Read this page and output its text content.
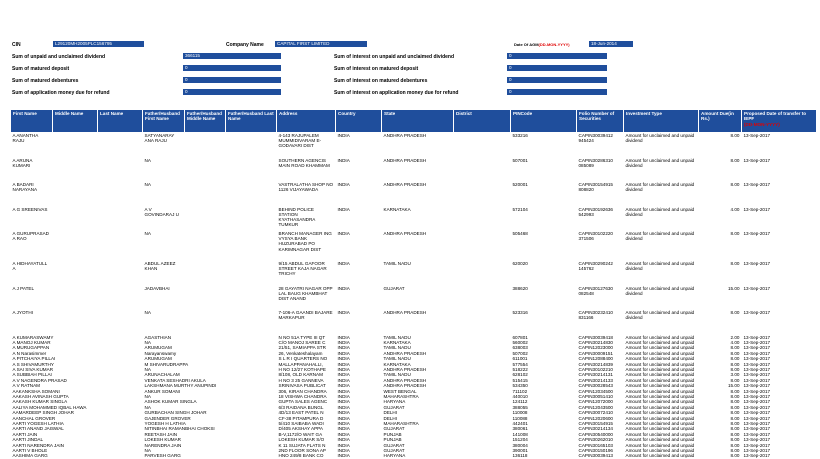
CIN	L29120MH2005PLC156795	Company Name	CAPITAL FIRST LIMITED	Date Of AGM(DD-MON-YYYY)	18-Jun-2014
Sum of unpaid and unclaimed dividend	366115	Sum of interest on unpaid and unclaimed dividend	0
Sum of matured deposit	0	Sum of interest on matured deposit	0
Sum of matured debentures	0	Sum of interest on matured debentures	0
Sum of application money due for refund	0	Sum of interest on application money due for refund	0
First Name	Middle Name	Last Name	Father/Husband First Name	Father/Husband Middle Name	Father/Husband Last Name	Address	Country	State	District	PINCode	Folio Number of Securities	Investment Type	Amount Due(in Rs.)	Proposed Date of transfer to IEPF
(DD-MON-YYYY)
A ANANTHA RAJU			SATYANARAY ANA RAJU			4-143 RAJUPALEM MUMMIDIVARAM E-GODAVARI DIST	INDIA	ANDHRA PRADESH		533216	CAPIN30039412 945424	Amount for unclaimed and unpaid dividend	8.00	13-Sep-2017
A ARUNA KUMARI			NA			SOUTHERN AGENCIS MAIN ROAD KHAMMAM	INDIA	ANDHRA PRADESH		507001	CAPIN30286310 085089	Amount for unclaimed and unpaid dividend	8.00	13-Sep-2017
A BADARI NARAYANA			NA			VASTRALATHA SHOP NO 1126 VIJAYAWADA	INDIA	ANDHRA PRADESH		520001	CAPIN30154915 808820	Amount for unclaimed and unpaid dividend	8.00	13-Sep-2017
A G SREENIVAS			A V GOVINDARAJ U			BEHIND POLICE STATION KYATHASANDRA TUMKUR	INDIA	KARNATAKA		572104	CAPIN30192636 542993	Amount for unclaimed and unpaid dividend	4.00	13-Sep-2017
A GURUPRASAD A RAO			NA			BRANCH MANAGER ING VYSYA BANK HUZURABAD PO KARIMNAGAR DIST	INDIA	ANDHRA PRADESH		505468	CAPIN30102220 371506	Amount for unclaimed and unpaid dividend	8.00	13-Sep-2017
A HIDHAYATULL A			ABDUL AZEEZ KHAN			9/15 ABDUL GAFOOR STREET KAJA NAGAR TRICHY	INDIA	TAMIL NADU		620020	CAPIN30290242 145762	Amount for unclaimed and unpaid dividend	8.00	13-Sep-2017
A J PATEL			JADAVBHAI			28 GAYATRI NAGAR OPP LAL BAUG KHAMBHAT DIST ANAND	INDIA	GUJARAT		388620	CAPIN30127630 082548	Amount for unclaimed and unpaid dividend	15.00	13-Sep-2017
A JYOTHI			NA			7-106-A GAANDI BAJARE MARKAPUR	INDIA	ANDHRA PRADESH		523316	CAPIN30232410 831166	Amount for unclaimed and unpaid dividend	8.00	13-Sep-2017
A KUMARASWAMY			AGASTHIAN			N NO 51A TYPE III QT	INDIA	TAMIL NADU		607801	CAPIN30039418	Amount for unclaimed and unpaid	2.00	13-Sep-2017
A MANOJ KUMAR			NA			C/O MANOJ SAREE C	INDIA	KARNATAKA		560002	CAPIN30214830	Amount for unclaimed and unpaid	4.00	13-Sep-2017
A MURUGAPPAN			ARUMUGAM			21/51, SAMIAPPA STR	INDIA	TAMIL NADU		638003	CAPIN12023000	Amount for unclaimed and unpaid	8.00	13-Sep-2017
A N Narasimmer			Narayanswamy			26, Venkateshalayam	INDIA	ANDHRA PRADESH		507002	CAPIN30009151	Amount for unclaimed and unpaid	8.00	13-Sep-2017
A PITCHAIYA PILLAI			ARUMUGAM			S L R I QUARTERS NO	INDIA	TAMIL NADU		611001	CAPIN12088400	Amount for unclaimed and unpaid	8.00	13-Sep-2017
A S SHIVAMURTHY			M SHIVARUDRAPPA			MALLAPPANAHALLI,	INDIA	KARNATAKA		577554	CAPIN30214839	Amount for unclaimed and unpaid	8.00	13-Sep-2017
A SAI SIVA KUMAR			NA			H NO 12/27 KOTHAPE	INDIA	ANDHRA PRADESH		518222	CAPIN30102210	Amount for unclaimed and unpaid	8.00	13-Sep-2017
A SUBBIAH PILLAI			ARUNACHALAM			8/108, OLD KARNAM	INDIA	TAMIL NADU		628102	CAPIN30214131	Amount for unclaimed and unpaid	3.00	13-Sep-2017
A V NAGENDRA PRASAD			VENKATA SESHADRI AKULA			H NO 3 25 GANNEVA	INDIA	ANDHRA PRADESH		515415	CAPIN30214133	Amount for unclaimed and unpaid	8.00	13-Sep-2017
A V RATNAM			LAKSHMANA MURTHY ANUPINDI			SRINIVASA PUBLICAT	INDIA	ANDHRA PRADESH		534350	CAPIN30028543	Amount for unclaimed and unpaid	15.00	13-Sep-2017
AAKANKSHA SOMANI			ANKUR SOMANI			306, KIRAN CHANDRA	INDIA	WEST BENGAL		711102	CAPIN12034500	Amount for unclaimed and unpaid	8.00	13-Sep-2017
AAKASH AVINASH GUPTA			NA			18 VISHWA CHANDRA	INDIA	MAHARASHTRA		440010	CAPIN30051410	Amount for unclaimed and unpaid	8.00	13-Sep-2017
AAKASH KUMAR SINGLA			ASHOK KUMAR SINGLA			GUPTA SALES AGENC	INDIA	HARYANA		124112	CAPIN12072000	Amount for unclaimed and unpaid	8.00	13-Sep-2017
AALIYA MOHAMMED IQBAL HAWA			NA			6/3 RAIDANA BUNGL	INDIA	GUJARAT		388055	CAPIN12043500	Amount for unclaimed and unpaid	8.00	13-Sep-2017
AAMARDEEP SINGH JOHAR			GURBACHAN SINGH JOHAR			4D/13 EAST PATEL N	INDIA	DELHI		110008	CAPIN30072410	Amount for unclaimed and unpaid	8.00	13-Sep-2017
AANCHAL GROVER			GAJENDER GROVER			CF-38 PITAMPURA D	INDIA	DELHI		110088	CAPIN12020600	Amount for unclaimed and unpaid	8.00	13-Sep-2017
AARTI YOGESH LATHIA			YOGESH H LATHIA			5/410 SAIBABA WADI	INDIA	MAHARASHTRA		442401	CAPIN30154915	Amount for unclaimed and unpaid	8.00	13-Sep-2017
AARTI ANAND JAISWAL			NITINBHAI RAMANBHAI CHOKSI			D/405 AKSHAY APPA	INDIA	GUJARAT		380061	CAPIN30214134	Amount for unclaimed and unpaid	8.00	13-Sep-2017
AARTI JAIN			REETASH JAIN			B-V,1172/O WAIT GA	INDIA	PUNJAB		141008	CAPIN30540000	Amount for unclaimed and unpaid	8.00	13-Sep-2017
AARTI JINDAL			LOKESH KUMAR			LOKESH KUMAR S/O	INDIA	PUNJAB		151204	CAPIN30262010	Amount for unclaimed and unpaid	8.00	13-Sep-2017
AARTI NARENDRA JAIN			NARENDRA JAIN			K 11 SUJATA FLATS N	INDIA	GUJARAT		380004	CAPIN30165103	Amount for unclaimed and unpaid	8.00	13-Sep-2017
AARTI V BHOLE			NA			2ND FLOOR SONA AP	INDIA	GUJARAT		390001	CAPIN30150196	Amount for unclaimed and unpaid	8.00	13-Sep-2017
AASHIMA GARG			PARVESH GARG			HNO 249/8 BANK CO	INDIA	HARYANA		136118	CAPIN30039413	Amount for unclaimed and unpaid	8.00	13-Sep-2017
